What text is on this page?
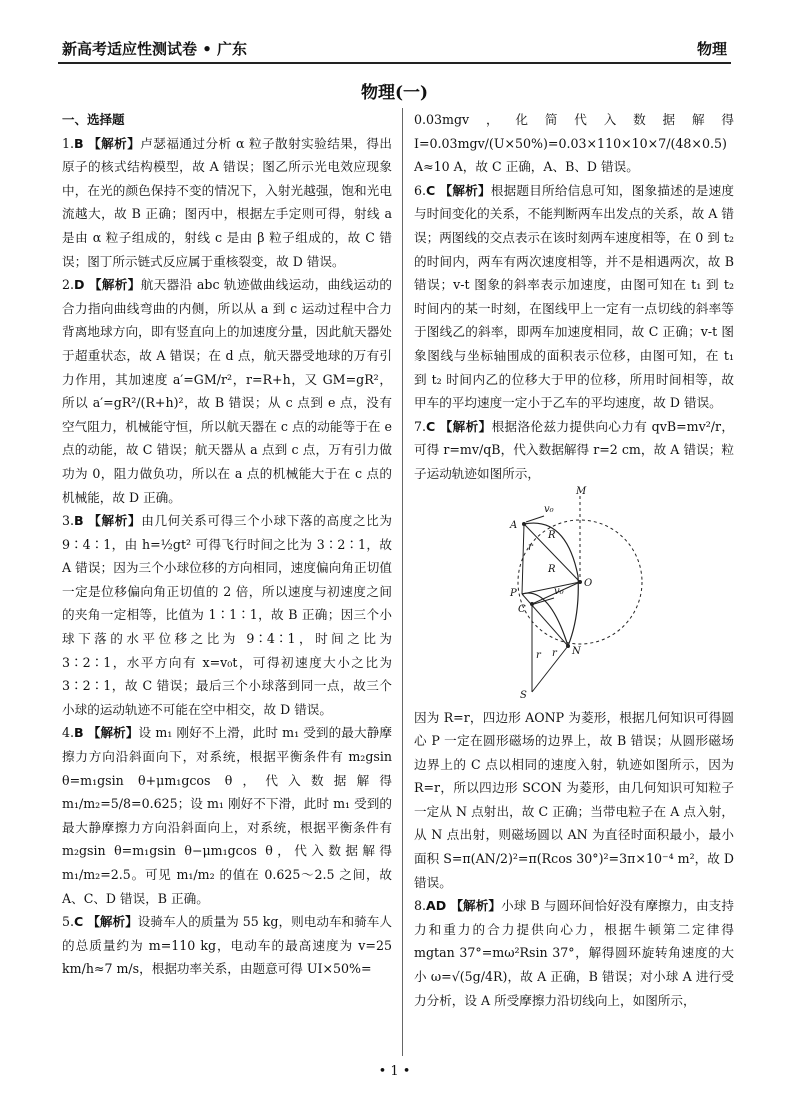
新高考适应性测试卷 • 广东	物理
物理(一)

一、选择题

1.B 【解析】卢瑟福通过分析 α 粒子散射实验结果，得出原子的核式结构模型，故 A 错误；图乙所示光电效应现象中，在光的颜色保持不变的情况下，入射光越强，饱和光电流越大，故 B 正确；图丙中，根据左手定则可得，射线 a 是由 α 粒子组成的，射线 c 是由 β 粒子组成的，故 C 错误；图丁所示链式反应属于重核裂变，故 D 错误。

2.D 【解析】航天器沿 abc 轨迹做曲线运动，曲线运动的合力指向曲线弯曲的内侧，所以从 a 到 c 运动过程中合力背离地球方向，即有竖直向上的加速度分量，因此航天器处于超重状态，故 A 错误；在 d 点，航天器受地球的万有引力作用，其加速度 a′=GM/r²，r=R+h，又 GM=gR²，所以 a′=gR²/(R+h)²，故 B 错误；从 c 点到 e 点，没有空气阻力，机械能守恒，所以航天器在 c 点的动能等于在 e 点的动能，故 C 错误；航天器从 a 点到 c 点，万有引力做功为 0，阻力做负功，所以在 a 点的机械能大于在 c 点的机械能，故 D 正确。

3.B 【解析】由几何关系可得三个小球下落的高度之比为 9∶4∶1，由 h=½gt² 可得飞行时间之比为 3∶2∶1，故 A 错误；因为三个小球位移的方向相同，速度偏向角正切值一定是位移偏向角正切值的 2 倍，所以速度与初速度之间的夹角一定相等，比值为 1∶1∶1，故 B 正确；因三个小球下落的水平位移之比为 9∶4∶1，时间之比为 3∶2∶1，水平方向有 x=v₀t，可得初速度大小之比为 3∶2∶1，故 C 错误；最后三个小球落到同一点，故三个小球的运动轨迹不可能在空中相交，故 D 错误。

4.B 【解析】设 m₁ 刚好不上滑，此时 m₁ 受到的最大静摩擦力方向沿斜面向下，对系统，根据平衡条件有 m₂gsin θ=m₁gsin θ+μm₁gcos θ，代入数据解得 m₁/m₂=5/8=0.625；设 m₁ 刚好不下滑，此时 m₁ 受到的最大静摩擦力方向沿斜面向上，对系统，根据平衡条件有 m₂gsin θ=m₁gsin θ−μm₁gcos θ，代入数据解得 m₁/m₂=2.5。可见 m₁/m₂ 的值在 0.625～2.5 之间，故 A、C、D 错误，B 正确。

5.C 【解析】设骑车人的质量为 55 kg，则电动车和骑车人的总质量约为 m=110 kg，电动车的最高速度为 v=25 km/h≈7 m/s，根据功率关系，由题意可得 UI×50%=

0.03mgv，化简代入数据解得 I=0.03mgv/(U×50%)=0.03×110×10×7/(48×0.5) A≈10 A，故 C 正确，A、B、D 错误。

6.C 【解析】根据题目所给信息可知，图象描述的是速度与时间变化的关系，不能判断两车出发点的关系，故 A 错误；两图线的交点表示在该时刻两车速度相等，在 0 到 t₂ 的时间内，两车有两次速度相等，并不是相遇两次，故 B 错误；v-t 图象的斜率表示加速度，由图可知在 t₁ 到 t₂ 时间内的某一时刻，在图线甲上一定有一点切线的斜率等于图线乙的斜率，即两车加速度相同，故 C 正确；v-t 图象图线与坐标轴围成的面积表示位移，由图可知，在 t₁ 到 t₂ 时间内乙的位移大于甲的位移，所用时间相等，故甲车的平均速度一定小于乙车的平均速度，故 D 错误。

7.C 【解析】根据洛伦兹力提供向心力有 qvB=mv²/r，可得 r=mv/qB，代入数据解得 r=2 cm，故 A 错误；粒子运动轨迹如图所示，

M
A
v₀
R
r
O
R
P
C
v₀
N
r
S
r

因为 R=r，四边形 AONP 为菱形，根据几何知识可得圆心 P 一定在圆形磁场的边界上，故 B 错误；从圆形磁场边界上的 C 点以相同的速度入射，轨迹如图所示，因为 R=r，所以四边形 SCON 为菱形，由几何知识可知粒子一定从 N 点射出，故 C 正确；当带电粒子在 A 点入射，从 N 点出射，则磁场圆以 AN 为直径时面积最小，最小面积 S=π(AN/2)²=π(Rcos 30°)²=3π×10⁻⁴ m²，故 D 错误。

8.AD 【解析】小球 B 与圆环间恰好没有摩擦力，由支持力和重力的合力提供向心力，根据牛顿第二定律得 mgtan 37°=mω²Rsin 37°，解得圆环旋转角速度的大小 ω=√(5g/4R)，故 A 正确，B 错误；对小球 A 进行受力分析，设 A 所受摩擦力沿切线向上，如图所示，

• 1 •
